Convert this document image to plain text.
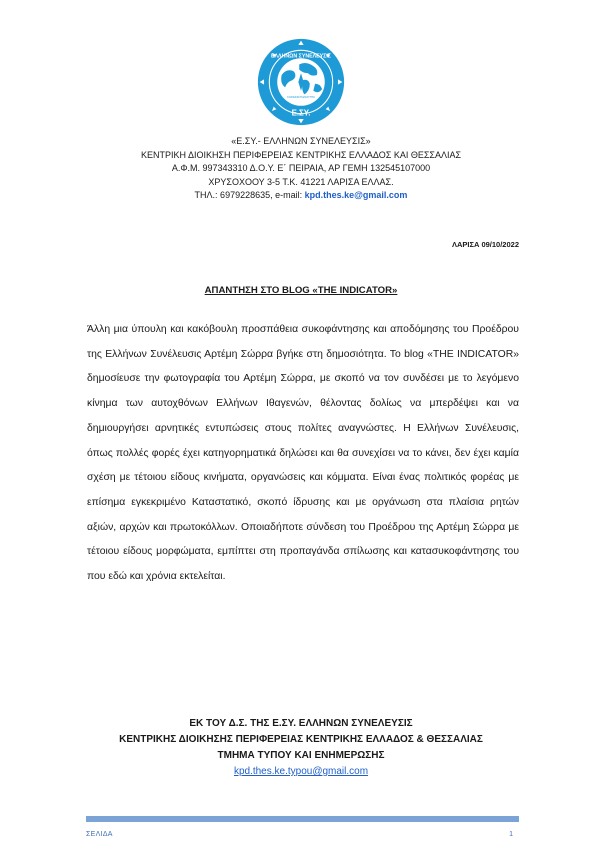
ΕΛΛΗΝΩΝ ΣΥΝΕΛΕΥΣΙΣ
ΚΟΙΝΩΝΙΚΗ ΕΝΟΤΗΤΑ
Ε.ΣΥ.
«Ε.ΣΥ.- ΕΛΛΗΝΩΝ ΣΥΝΕΛΕΥΣΙΣ»
ΚΕΝΤΡΙΚΗ ΔΙΟΙΚΗΣΗ ΠΕΡΙΦΕΡΕΙΑΣ ΚΕΝΤΡΙΚΗΣ ΕΛΛΑΔΟΣ ΚΑΙ ΘΕΣΣΑΛΙΑΣ
Α.Φ.Μ. 997343310 Δ.Ο.Υ. Ε΄ ΠΕΙΡΑΙΑ, ΑΡ ΓΕΜΗ 132545107000
ΧΡΥΣΟΧΟΟΥ 3-5 Τ.Κ. 41221 ΛΑΡΙΣΑ ΕΛΛΑΣ.
ΤΗΛ.: 6979228635, e-mail: kpd.thes.ke@gmail.com
ΛΑΡΙΣΑ 09/10/2022
ΑΠΑΝΤΗΣΗ ΣΤΟ BLOG «THE INDICATOR»

Άλλη μια ύπουλη και κακόβουλη προσπάθεια συκοφάντησης και αποδόμησης του Προέδρου της Ελλήνων Συνέλευσις Αρτέμη Σώρρα βγήκε στη δημοσιότητα. Το blog «THE INDICATOR» δημοσίευσε την φωτογραφία του Αρτέμη Σώρρα, με σκοπό να τον συνδέσει με το λεγόμενο κίνημα των αυτοχθόνων Ελλήνων Ιθαγενών, θέλοντας δολίως να μπερδέψει και να δημιουργήσει αρνητικές εντυπώσεις στους πολίτες αναγνώστες. Η Ελλήνων Συνέλευσις, όπως πολλές φορές έχει κατηγορηματικά δηλώσει και θα συνεχίσει να το κάνει, δεν έχει καμία σχέση με τέτοιου είδους κινήματα, οργανώσεις και κόμματα. Είναι ένας πολιτικός φορέας με επίσημα εγκεκριμένο Καταστατικό, σκοπό ίδρυσης και με οργάνωση στα πλαίσια ρητών αξιών, αρχών και πρωτοκόλλων. Οποιαδήποτε σύνδεση του Προέδρου της Αρτέμη Σώρρα με τέτοιου είδους μορφώματα, εμπίπτει στη προπαγάνδα σπίλωσης και κατασυκοφάντησης του που εδώ και χρόνια εκτελείται.

ΕΚ ΤΟΥ Δ.Σ. ΤΗΣ Ε.ΣΥ. ΕΛΛΗΝΩΝ ΣΥΝΕΛΕΥΣΙΣ
ΚΕΝΤΡΙΚΗΣ ΔΙΟΙΚΗΣΗΣ ΠΕΡΙΦΕΡΕΙΑΣ ΚΕΝΤΡΙΚΗΣ ΕΛΛΑΔΟΣ & ΘΕΣΣΑΛΙΑΣ
ΤΜΗΜΑ ΤΥΠΟΥ ΚΑΙ ΕΝΗΜΕΡΩΣΗΣ
kpd.thes.ke.typou@gmail.com
ΣΕΛΙΔΑ	1
